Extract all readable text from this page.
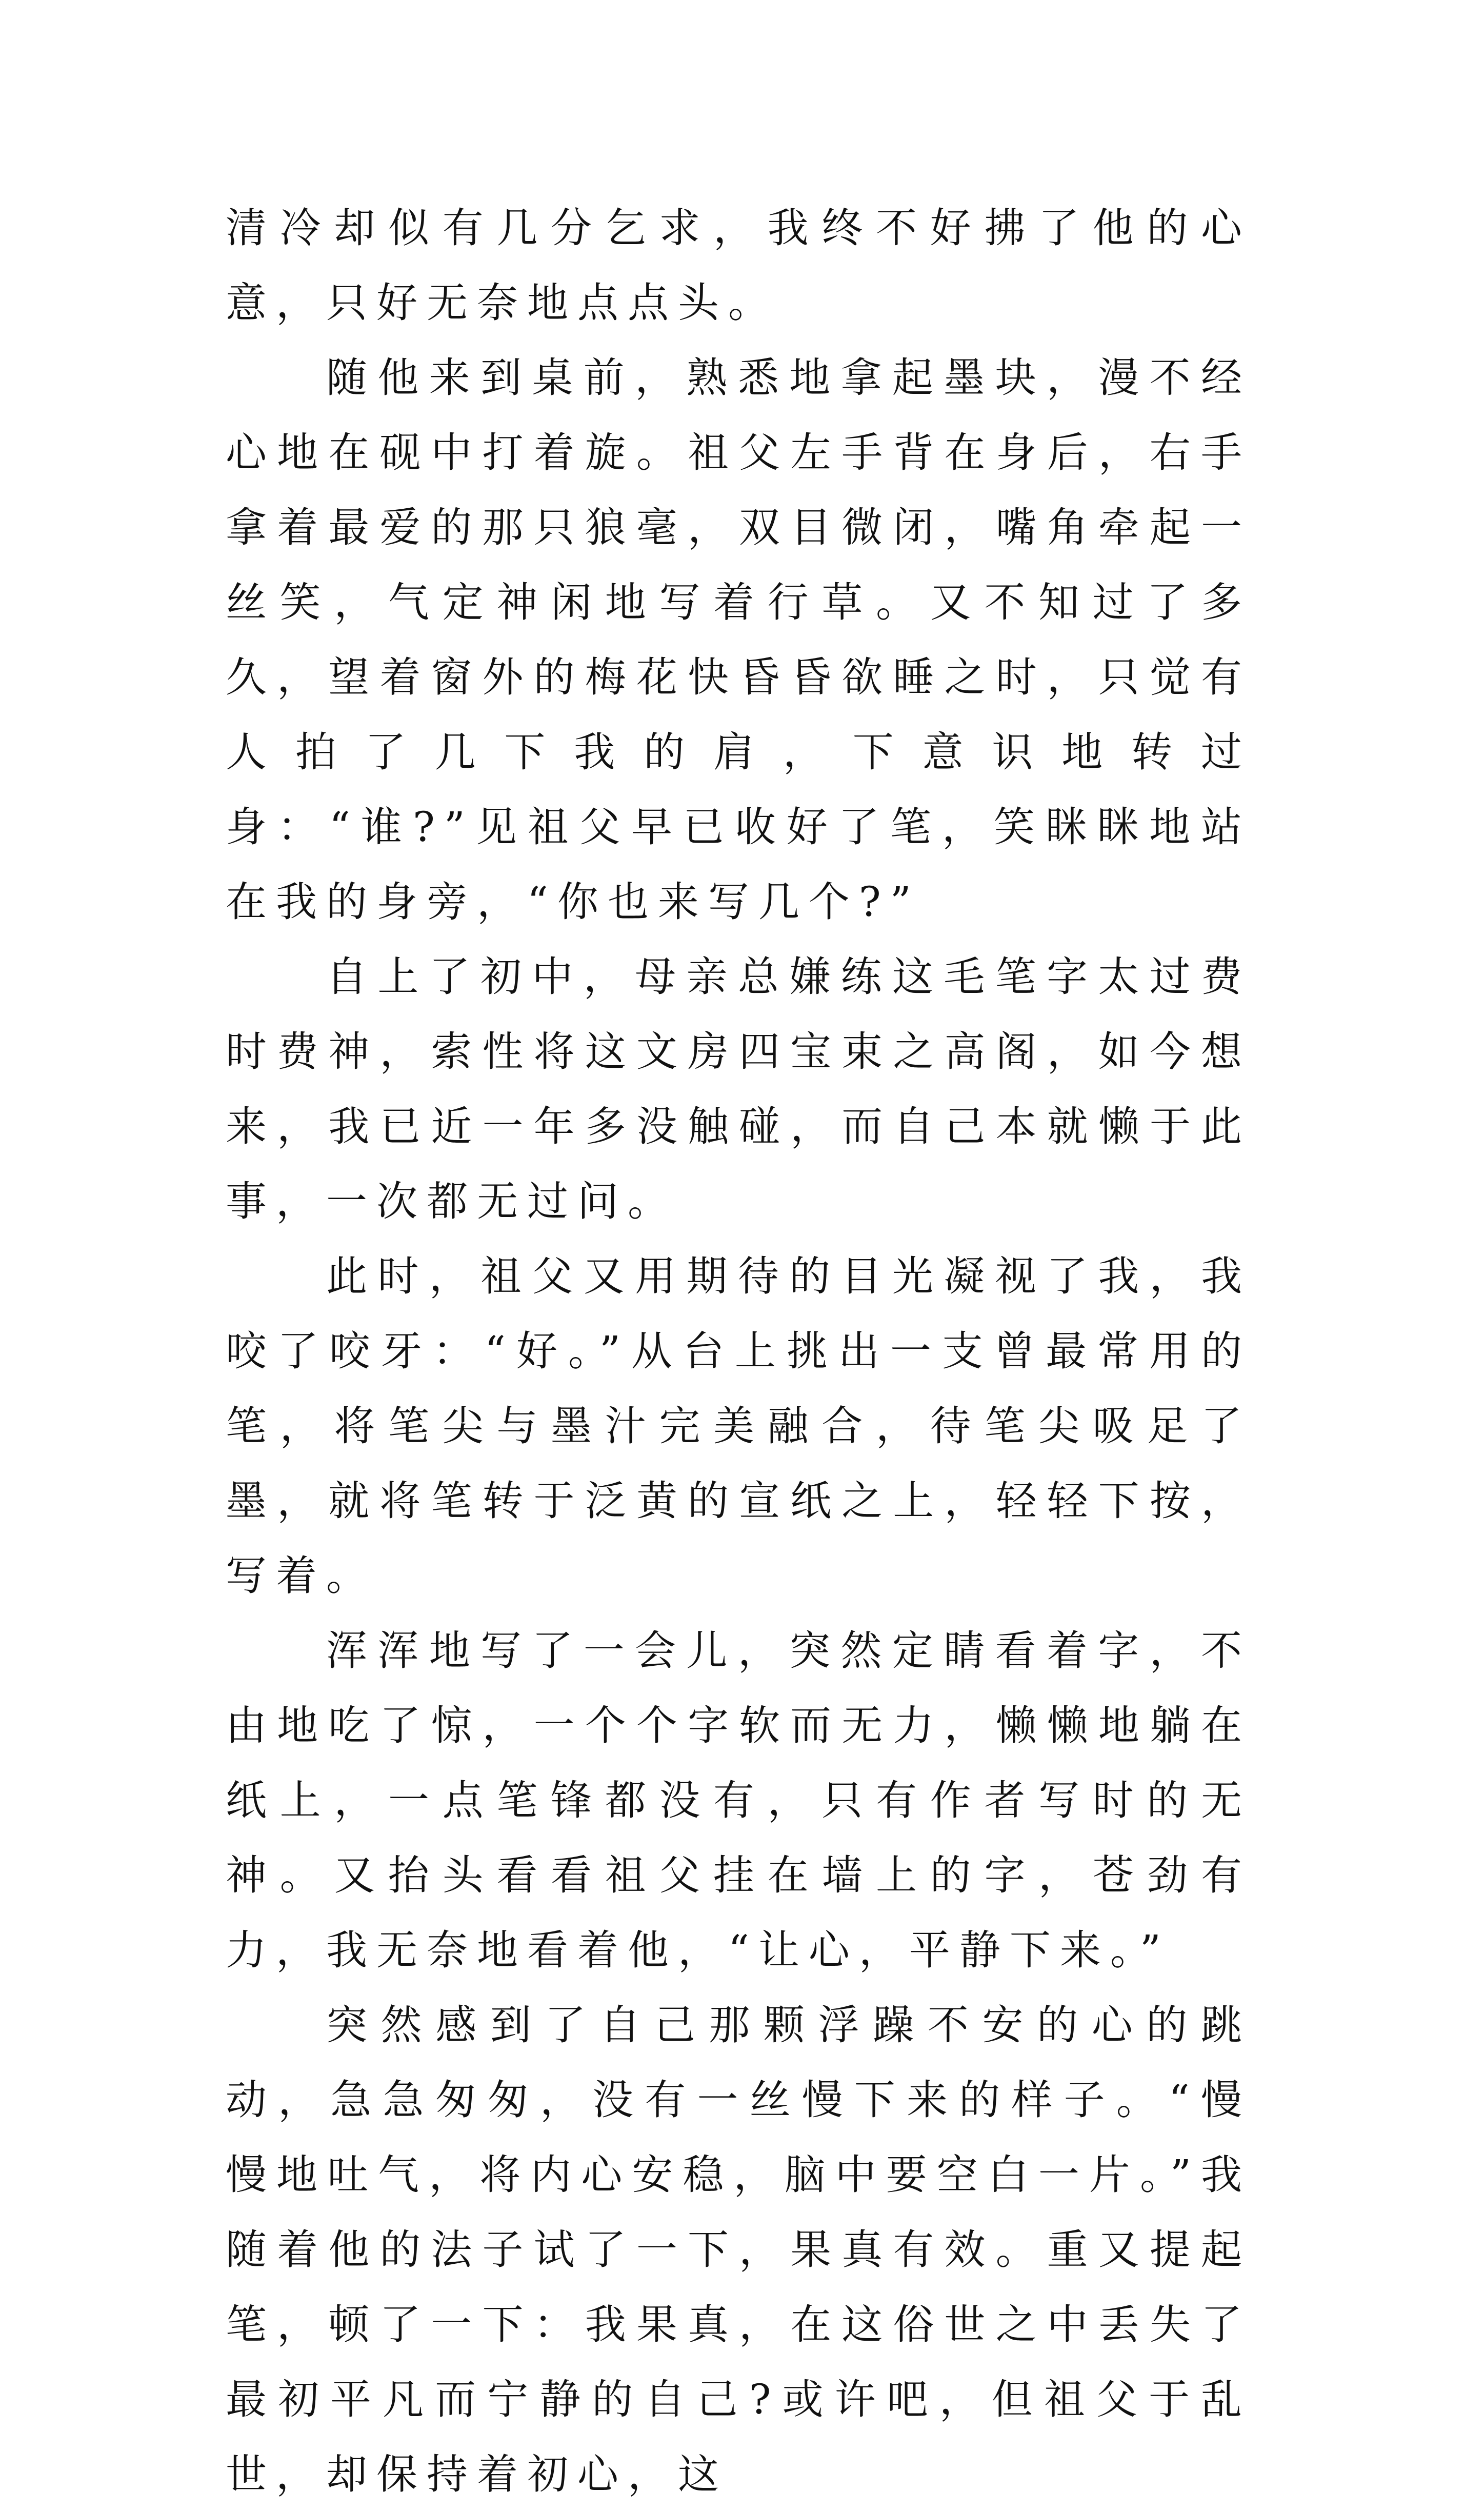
清冷却似有几分乞求，我终不好拂了他的心意，只好无奈地点点头。

随他来到桌前，熟悉地拿起墨块，漫不经心地在砚中打着旋。祖父左手背在身后，右手拿着最爱的那只狼毫，双目微闭，嘴角牵起一丝笑，气定神闲地写着行草。又不知过了多久，望着窗外的梅花快昏昏欲睡之时，只觉有人拍了几下我的肩，下意识地转过身：“谁?”见祖父早已收好了笔，笑眯眯地站在我的身旁，“你也来写几个?”

自上了初中，母亲总嫌练这毛笔字太过费时费神，索性将这文房四宝束之高阁，如今想来，我已近一年多没触碰，而自己本就懒于此事，一次都无过问。

此时，祖父又用期待的目光凝视了我，我咬了咬牙：“好。”从台上挑出一支曾最常用的笔，将笔尖与墨汁完美融合，待笔尖吸足了墨，就将笔转于泛黄的宣纸之上，轻轻下按，写着。

浑浑地写了一会儿，突然定睛看着字，不由地吃了惊，一个个字软而无力，懒懒地躺在纸上，一点笔锋都没有，只有作者写时的无神。又抬头看看祖父挂在墙上的字，苍劲有力，我无奈地看着他，“让心，平静下来。”

突然感到了自己那颗浮躁不安的心的跳动，急急匆匆，没有一丝慢下来的样子。“慢慢地吐气，将内心安稳，脑中要空白一片。”我随着他的法子试了一下，果真有效。重又提起笔，顿了一下：我果真，在这俗世之中丢失了最初平凡而宁静的自己?或许吧，但祖父于乱世，却保持着初心，这
